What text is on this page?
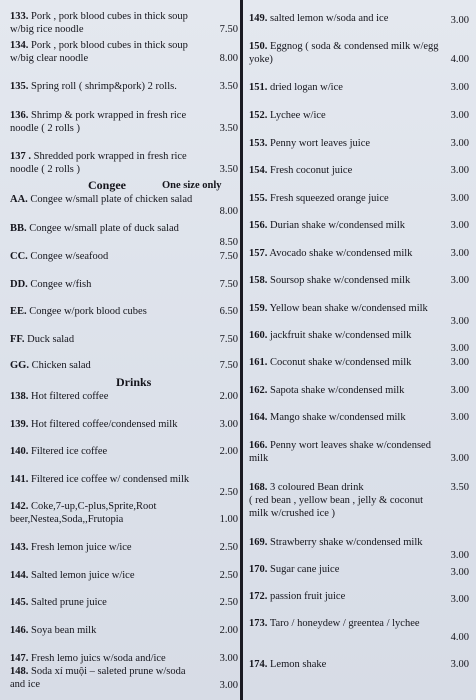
133. Pork , pork blood cubes in thick soup
w/big rice noodle	7.50
134. Pork , pork blood cubes in thick soup
w/big clear noodle	8.00
135. Spring roll ( shrimp&pork) 2 rolls.	3.50
136. Shrimp & pork wrapped in fresh rice
noodle ( 2 rolls )	3.50
137 . Shredded pork wrapped in fresh rice
noodle ( 2 rolls )	3.50
Congee	One size only
AA. Congee w/small plate of chicken salad
8.00
BB. Congee w/small plate of duck salad
8.50
CC. Congee w/seafood	7.50
DD. Congee w/fish	7.50
EE. Congee w/pork blood cubes	6.50
FF. Duck salad	7.50
GG. Chicken salad	7.50
Drinks
138. Hot filtered coffee	2.00
139. Hot filtered coffee/condensed milk	3.00
140. Filtered ice coffee	2.00
141. Filtered ice coffee w/ condensed milk
2.50
142. Coke,7-up,C-plus,Sprite,Root
beer,Nestea,Soda,,Frutopia	1.00
143. Fresh lemon juice w/ice	2.50
144. Salted lemon juice w/ice	2.50
145. Salted prune juice	2.50
146. Soya bean milk	2.00
147. Fresh lemo juics w/soda and/ice	3.00
148. Soda xí muội – saleted prune w/soda
and ice	3.00
149. salted lemon w/soda and ice	3.00
150. Eggnog ( soda & condensed milk w/egg
yoke)	4.00
151. dried logan w/ice	3.00
152. Lychee w/ice	3.00
153. Penny wort leaves juice	3.00
154. Fresh coconut juice	3.00
155. Fresh squeezed orange juice	3.00
156. Durian shake w/condensed milk	3.00
157. Avocado shake w/condensed milk	3.00
158. Soursop shake w/condensed milk	3.00
159. Yellow bean shake w/condensed milk
3.00
160. jackfruit shake w/condensed milk
3.00
161. Coconut shake w/condensed milk	3.00
162. Sapota shake w/condensed milk	3.00
164. Mango shake w/condensed milk	3.00
166. Penny wort leaves shake w/condensed
milk	3.00
168. 3 coloured Bean drink
( red bean , yellow bean , jelly & coconut
milk w/crushed ice )
3.50
169. Strawberry shake w/condensed milk
3.00
170. Sugar cane juice	3.00
172. passion fruit juice	3.00
173. Taro / honeydew / greentea / lychee
4.00
174. Lemon shake	3.00
